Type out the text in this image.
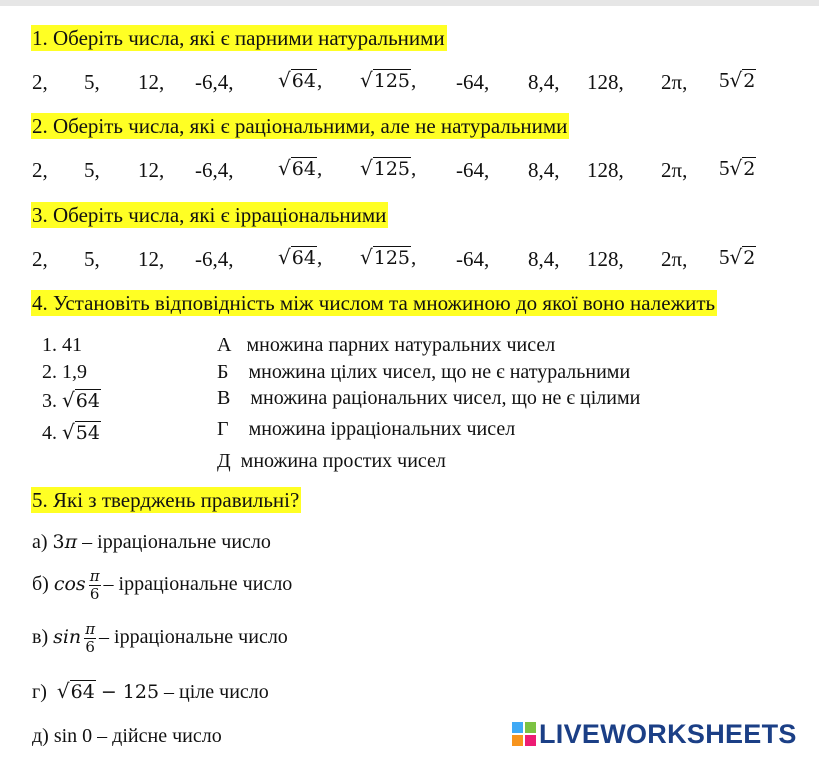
1. Оберіть числа, які є парними натуральними
2, 5, 12, -6,4, √64, √125, -64, 8,4, 128, 2π, 5√2
2. Оберіть числа, які є раціональними, але не натуральними
2, 5, 12, -6,4, √64, √125, -64, 8,4, 128, 2π, 5√2
3. Оберіть числа, які є ірраціональними
2, 5, 12, -6,4, √64, √125, -64, 8,4, 128, 2π, 5√2
4. Установіть відповідність між числом та множиною до якої воно належить
1. 41
2. 1,9
3. √64
4. √54
А множина парних натуральних чисел
Б множина цілих чисел, що не є натуральними
В множина раціональних чисел, що не є цілими
Г множина ірраціональних чисел
Д множина простих чисел
5. Які з тверджень правильні?
а) 3π – ірраціональне число
б) $\cos \frac{\pi}{6}$ – ірраціональне число
в) $\sin \frac{\pi}{6}$ – ірраціональне число
г) √64 − 125 – ціле число
д) sin 0 – дійсне число	LIVEWORKSHEETS
